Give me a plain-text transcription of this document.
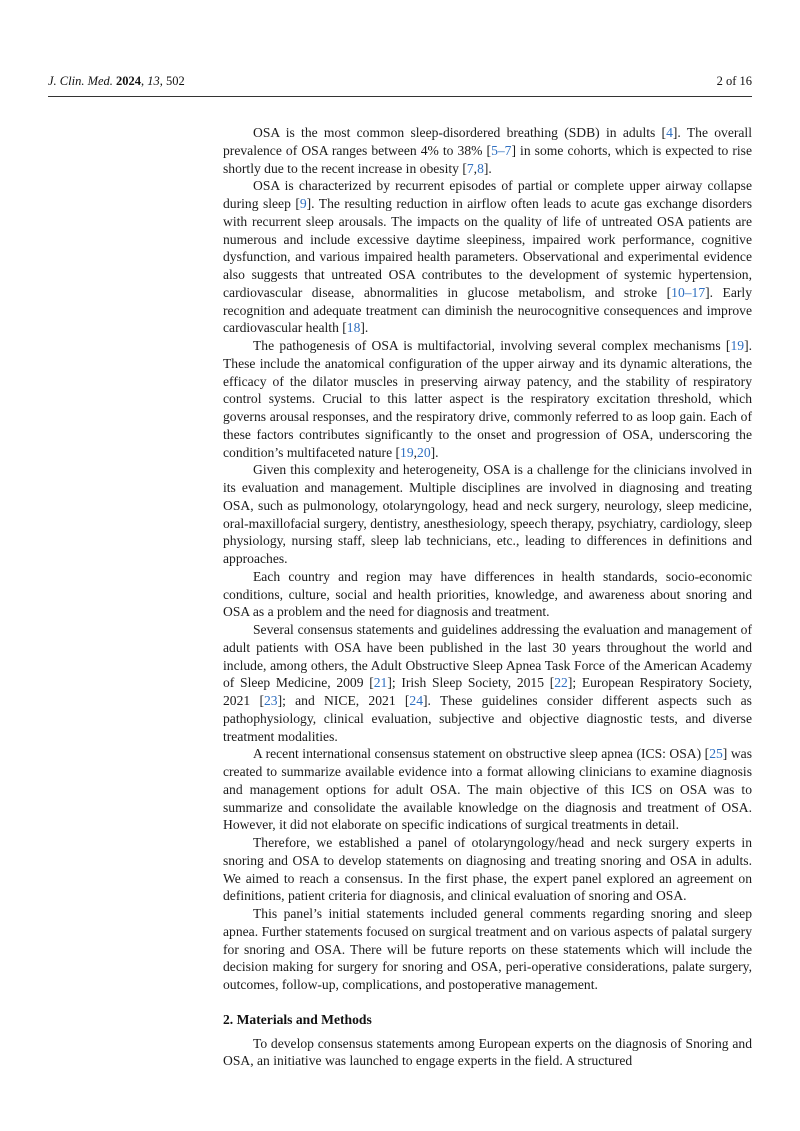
J. Clin. Med. 2024, 13, 502	2 of 16

OSA is the most common sleep-disordered breathing (SDB) in adults [4]. The overall prevalence of OSA ranges between 4% to 38% [5–7] in some cohorts, which is expected to rise shortly due to the recent increase in obesity [7,8].

OSA is characterized by recurrent episodes of partial or complete upper airway collapse during sleep [9]. The resulting reduction in airflow often leads to acute gas exchange disorders with recurrent sleep arousals. The impacts on the quality of life of untreated OSA patients are numerous and include excessive daytime sleepiness, impaired work performance, cognitive dysfunction, and various impaired health parameters. Observational and experimental evidence also suggests that untreated OSA contributes to the development of systemic hypertension, cardiovascular disease, abnormalities in glucose metabolism, and stroke [10–17]. Early recognition and adequate treatment can diminish the neurocognitive consequences and improve cardiovascular health [18].

The pathogenesis of OSA is multifactorial, involving several complex mechanisms [19]. These include the anatomical configuration of the upper airway and its dynamic alterations, the efficacy of the dilator muscles in preserving airway patency, and the stability of respiratory control systems. Crucial to this latter aspect is the respiratory excitation threshold, which governs arousal responses, and the respiratory drive, commonly referred to as loop gain. Each of these factors contributes significantly to the onset and progression of OSA, underscoring the condition’s multifaceted nature [19,20].

Given this complexity and heterogeneity, OSA is a challenge for the clinicians involved in its evaluation and management. Multiple disciplines are involved in diagnosing and treating OSA, such as pulmonology, otolaryngology, head and neck surgery, neurology, sleep medicine, oral-maxillofacial surgery, dentistry, anesthesiology, speech therapy, psychiatry, cardiology, sleep physiology, nursing staff, sleep lab technicians, etc., leading to differences in definitions and approaches.

Each country and region may have differences in health standards, socio-economic conditions, culture, social and health priorities, knowledge, and awareness about snoring and OSA as a problem and the need for diagnosis and treatment.

Several consensus statements and guidelines addressing the evaluation and management of adult patients with OSA have been published in the last 30 years throughout the world and include, among others, the Adult Obstructive Sleep Apnea Task Force of the American Academy of Sleep Medicine, 2009 [21]; Irish Sleep Society, 2015 [22]; European Respiratory Society, 2021 [23]; and NICE, 2021 [24]. These guidelines consider different aspects such as pathophysiology, clinical evaluation, subjective and objective diagnostic tests, and diverse treatment modalities.

A recent international consensus statement on obstructive sleep apnea (ICS: OSA) [25] was created to summarize available evidence into a format allowing clinicians to examine diagnosis and management options for adult OSA. The main objective of this ICS on OSA was to summarize and consolidate the available knowledge on the diagnosis and treatment of OSA. However, it did not elaborate on specific indications of surgical treatments in detail.

Therefore, we established a panel of otolaryngology/head and neck surgery experts in snoring and OSA to develop statements on diagnosing and treating snoring and OSA in adults. We aimed to reach a consensus. In the first phase, the expert panel explored an agreement on definitions, patient criteria for diagnosis, and clinical evaluation of snoring and OSA.

This panel’s initial statements included general comments regarding snoring and sleep apnea. Further statements focused on surgical treatment and on various aspects of palatal surgery for snoring and OSA. There will be future reports on these statements which will include the decision making for surgery for snoring and OSA, peri-operative considerations, palate surgery, outcomes, follow-up, complications, and postoperative management.

2. Materials and Methods

To develop consensus statements among European experts on the diagnosis of Snoring and OSA, an initiative was launched to engage experts in the field. A structured
